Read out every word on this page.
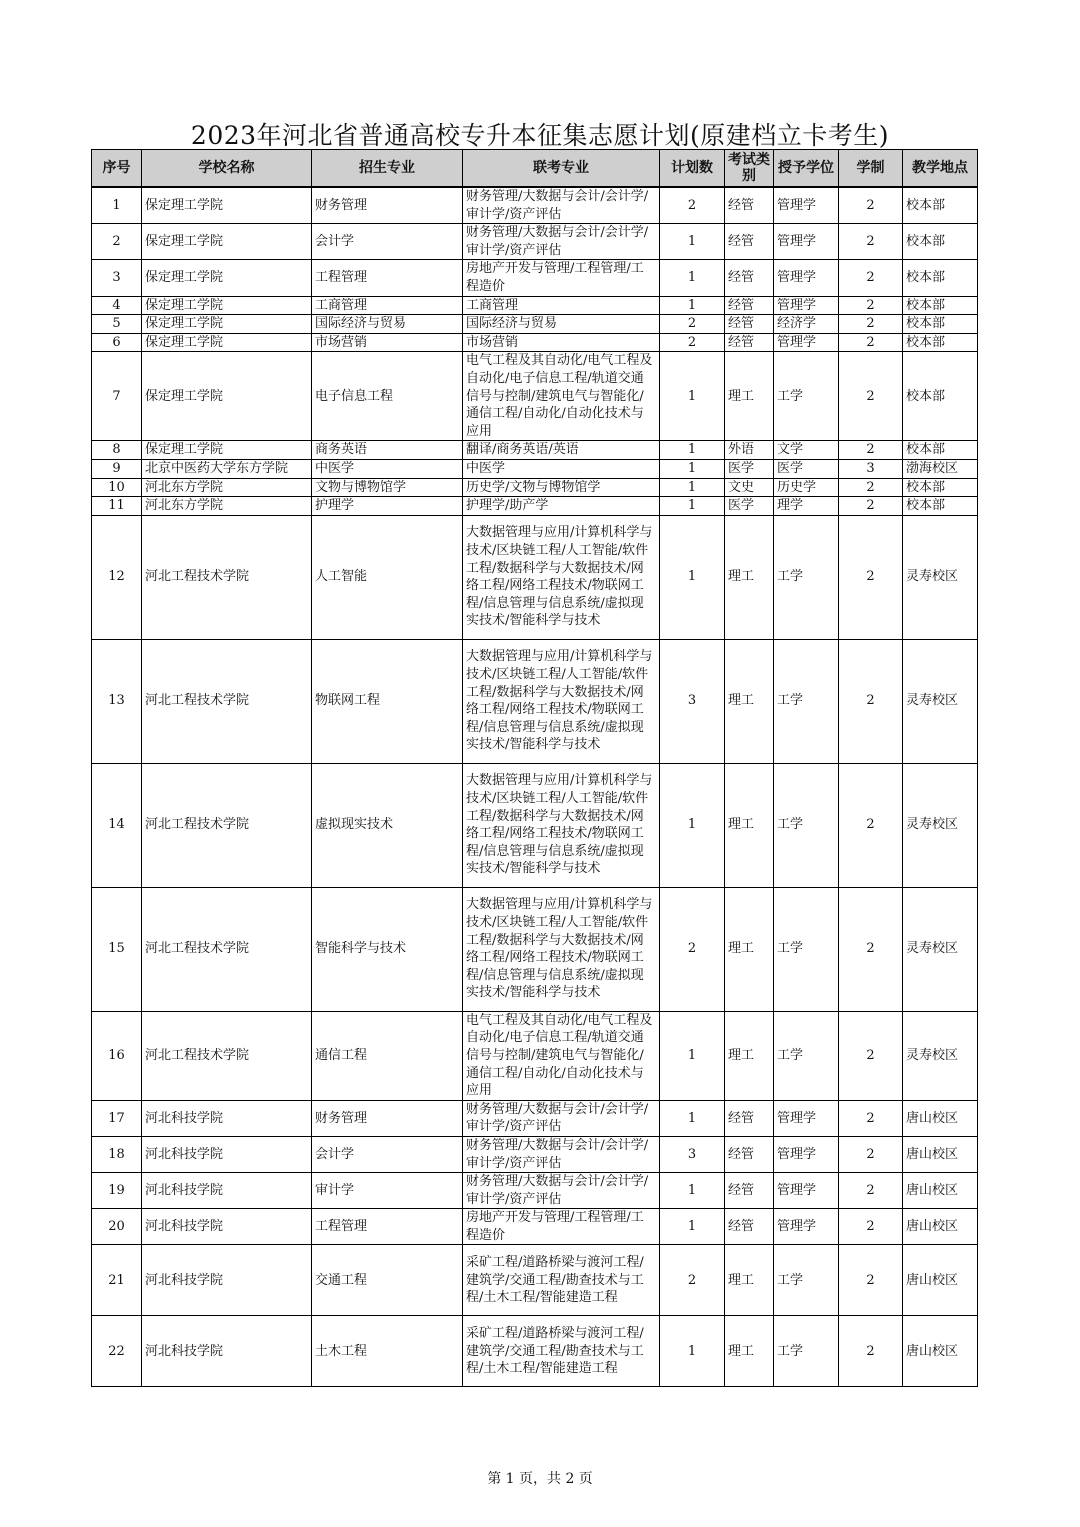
2023年河北省普通高校专升本征集志愿计划(原建档立卡考生)
序号	学校名称	招生专业	联考专业	计划数	考试类别	授予学位	学制	教学地点
1	保定理工学院	财务管理	财务管理/大数据与会计/会计学/审计学/资产评估	2	经管	管理学	2	校本部
2	保定理工学院	会计学	财务管理/大数据与会计/会计学/审计学/资产评估	1	经管	管理学	2	校本部
3	保定理工学院	工程管理	房地产开发与管理/工程管理/工程造价	1	经管	管理学	2	校本部
4	保定理工学院	工商管理	工商管理	1	经管	管理学	2	校本部
5	保定理工学院	国际经济与贸易	国际经济与贸易	2	经管	经济学	2	校本部
6	保定理工学院	市场营销	市场营销	2	经管	管理学	2	校本部
7	保定理工学院	电子信息工程	电气工程及其自动化/电气工程及自动化/电子信息工程/轨道交通信号与控制/建筑电气与智能化/通信工程/自动化/自动化技术与应用	1	理工	工学	2	校本部
8	保定理工学院	商务英语	翻译/商务英语/英语	1	外语	文学	2	校本部
9	北京中医药大学东方学院	中医学	中医学	1	医学	医学	3	渤海校区
10	河北东方学院	文物与博物馆学	历史学/文物与博物馆学	1	文史	历史学	2	校本部
11	河北东方学院	护理学	护理学/助产学	1	医学	理学	2	校本部
12	河北工程技术学院	人工智能	大数据管理与应用/计算机科学与技术/区块链工程/人工智能/软件工程/数据科学与大数据技术/网络工程/网络工程技术/物联网工程/信息管理与信息系统/虚拟现实技术/智能科学与技术	1	理工	工学	2	灵寿校区
13	河北工程技术学院	物联网工程	大数据管理与应用/计算机科学与技术/区块链工程/人工智能/软件工程/数据科学与大数据技术/网络工程/网络工程技术/物联网工程/信息管理与信息系统/虚拟现实技术/智能科学与技术	3	理工	工学	2	灵寿校区
14	河北工程技术学院	虚拟现实技术	大数据管理与应用/计算机科学与技术/区块链工程/人工智能/软件工程/数据科学与大数据技术/网络工程/网络工程技术/物联网工程/信息管理与信息系统/虚拟现实技术/智能科学与技术	1	理工	工学	2	灵寿校区
15	河北工程技术学院	智能科学与技术	大数据管理与应用/计算机科学与技术/区块链工程/人工智能/软件工程/数据科学与大数据技术/网络工程/网络工程技术/物联网工程/信息管理与信息系统/虚拟现实技术/智能科学与技术	2	理工	工学	2	灵寿校区
16	河北工程技术学院	通信工程	电气工程及其自动化/电气工程及自动化/电子信息工程/轨道交通信号与控制/建筑电气与智能化/通信工程/自动化/自动化技术与应用	1	理工	工学	2	灵寿校区
17	河北科技学院	财务管理	财务管理/大数据与会计/会计学/审计学/资产评估	1	经管	管理学	2	唐山校区
18	河北科技学院	会计学	财务管理/大数据与会计/会计学/审计学/资产评估	3	经管	管理学	2	唐山校区
19	河北科技学院	审计学	财务管理/大数据与会计/会计学/审计学/资产评估	1	经管	管理学	2	唐山校区
20	河北科技学院	工程管理	房地产开发与管理/工程管理/工程造价	1	经管	管理学	2	唐山校区
21	河北科技学院	交通工程	采矿工程/道路桥梁与渡河工程/建筑学/交通工程/勘查技术与工程/土木工程/智能建造工程	2	理工	工学	2	唐山校区
22	河北科技学院	土木工程	采矿工程/道路桥梁与渡河工程/建筑学/交通工程/勘查技术与工程/土木工程/智能建造工程	1	理工	工学	2	唐山校区
第 1 页，共 2 页
